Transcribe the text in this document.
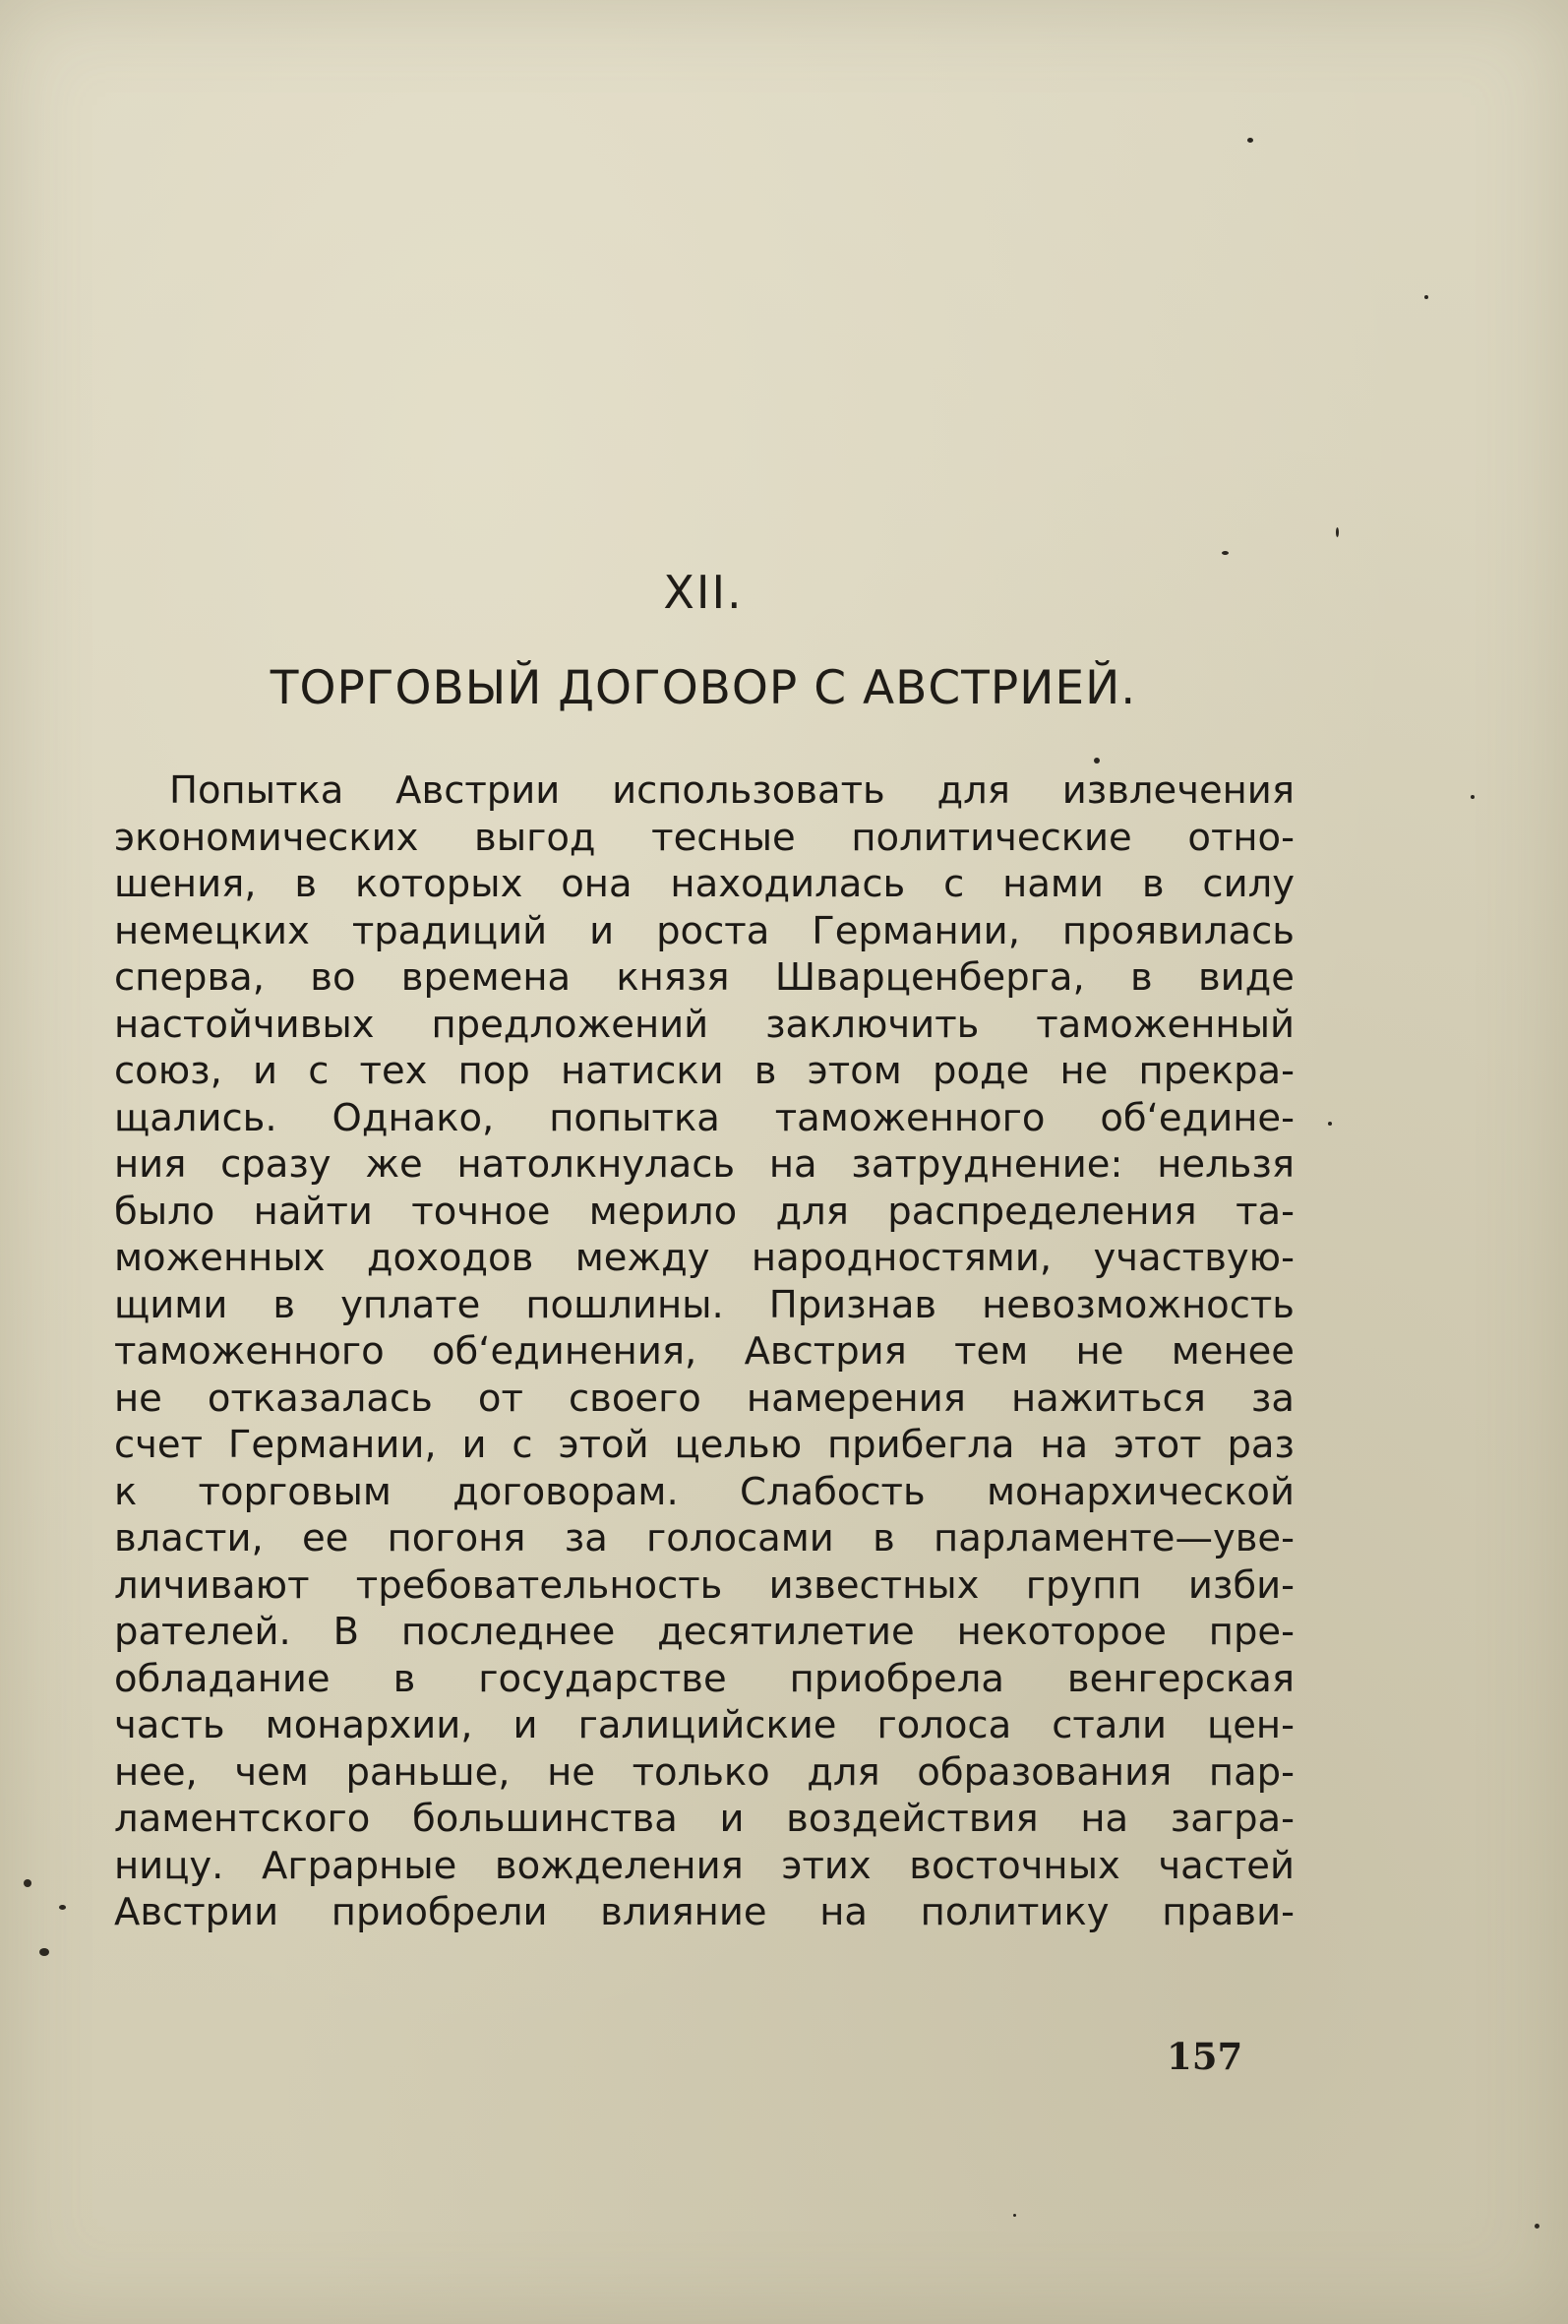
XII.
ТОРГОВЫЙ ДОГОВОР С АВСТРИЕЙ.
Попытка Австрии использовать для извлечения
экономических выгод тесные политические отно-
шения, в которых она находилась с нами в силу
немецких традиций и роста Германии, проявилась
сперва, во времена князя Шварценберга, в виде
настойчивых предложений заключить таможенный
союз, и с тех пор натиски в этом роде не прекра-
щались. Однако, попытка таможенного об‘едине-
ния сразу же натолкнулась на затруднение: нельзя
было найти точное мерило для распределения та-
моженных доходов между народностями, участвую-
щими в уплате пошлины. Признав невозможность
таможенного об‘единения, Австрия тем не менее
не отказалась от своего намерения нажиться за
счет Германии, и с этой целью прибегла на этот раз
к торговым договорам. Слабость монархической
власти, ее погоня за голосами в парламенте—уве-
личивают требовательность известных групп изби-
рателей. В последнее десятилетие некоторое пре-
обладание в государстве приобрела венгерская
часть монархии, и галицийские голоса стали цен-
нее, чем раньше, не только для образования пар-
ламентского большинства и воздействия на загра-
ницу. Аграрные вожделения этих восточных частей
Австрии приобрели влияние на политику прави-
157
